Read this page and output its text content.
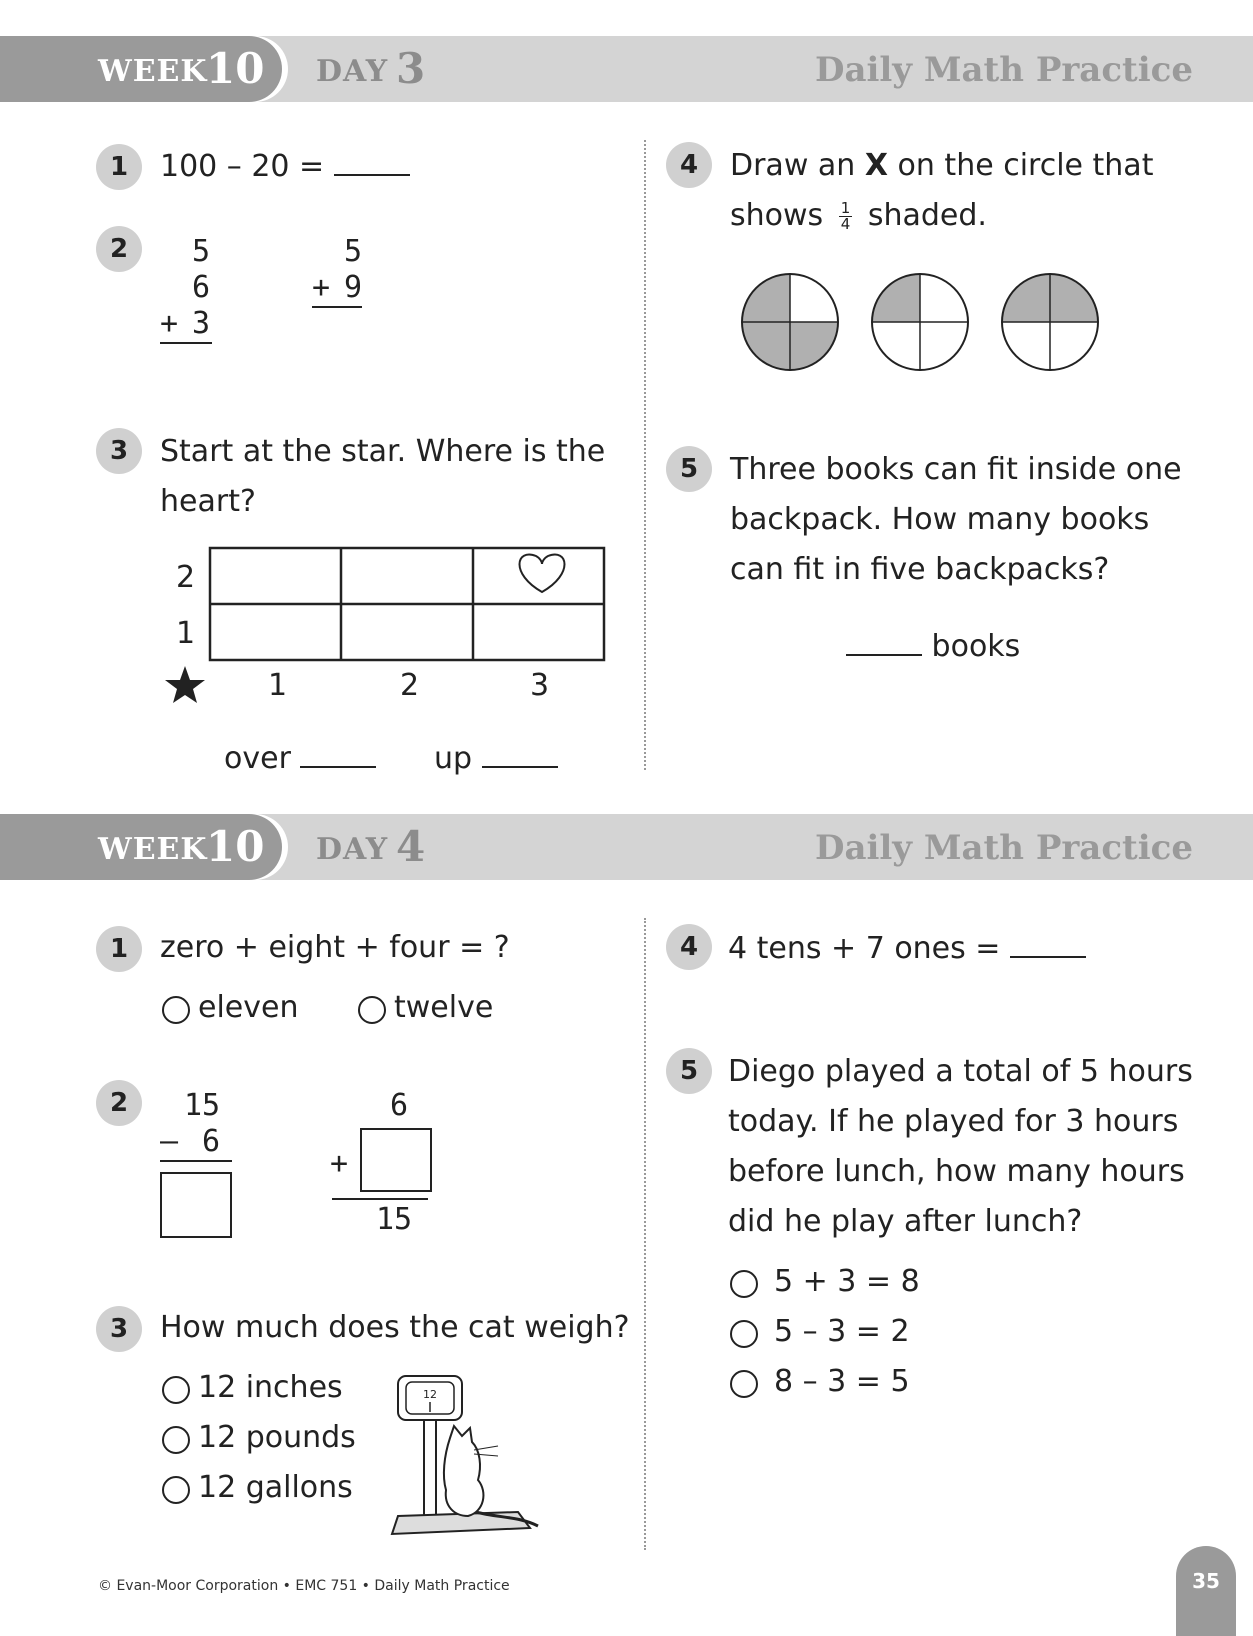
WEEK
10 DAY 3	Daily Math Practice
1	100 – 20 =
2	5
6
+ 3
5
+ 9
3	Start at the star. Where is the
heart?
2
1
1	2	3
over	up
4	Draw an X on the circle that
shows $\frac{1}{4}$ shaded.
5	Three books can fit inside one
backpack. How many books
can fit in five backpacks?
books
WEEK
10 DAY 4	Daily Math Practice
1	zero + eight + four = ?
eleven	twelve
2	15
– 6
6
+
15
3	How much does the cat weigh?
12 inches
12 pounds
12 gallons
12
4 4 tens + 7 ones =
5 Diego played a total of 5 hours
today. If he played for 3 hours
before lunch, how many hours
did he play after lunch?
5 + 3 = 8
5 – 3 = 2
8 – 3 = 5
© Evan-Moor Corporation • EMC 751 • Daily Math Practice	35
